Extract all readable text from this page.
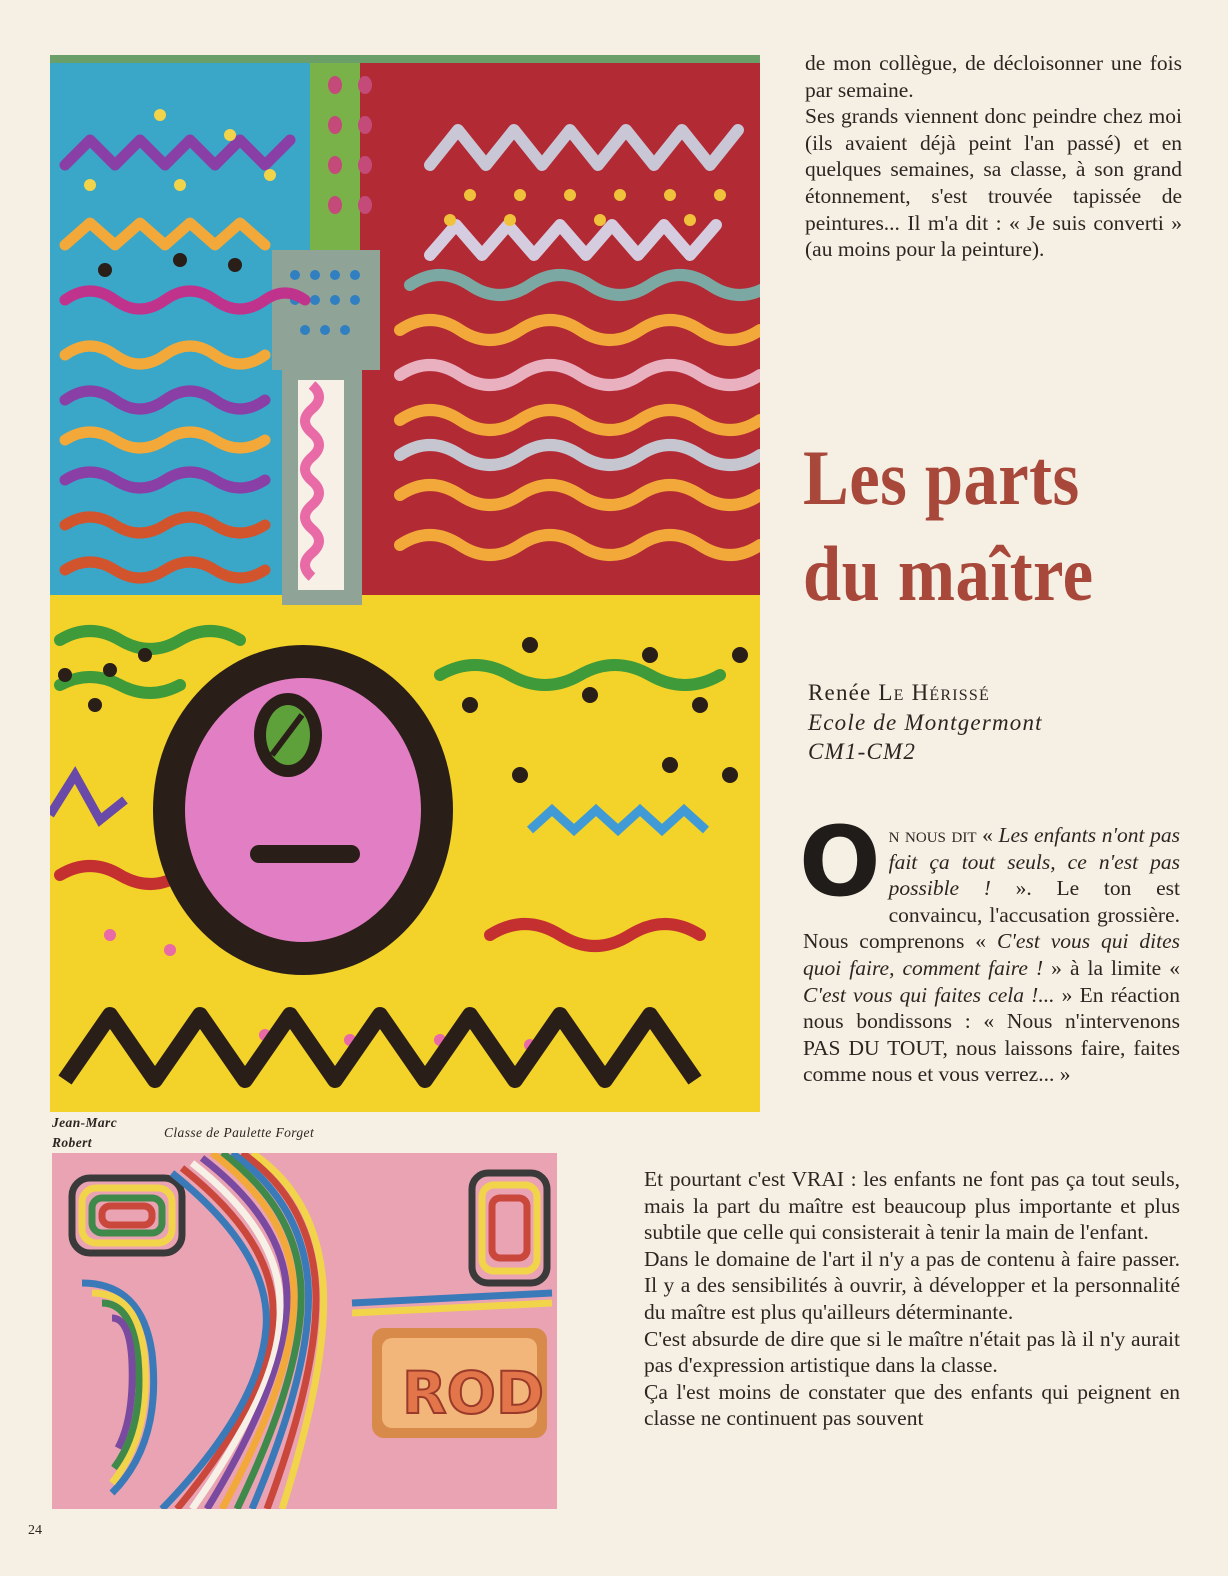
Jean-Marc Robert
Classe de Paulette Forget
ROD

de mon collègue, de décloisonner une fois par semaine.

Ses grands viennent donc peindre chez moi (ils avaient déjà peint l'an passé) et en quelques semaines, sa classe, à son grand étonnement, s'est trouvée tapissée de peintures... Il m'a dit : « Je suis converti » (au moins pour la peinture).

Les parts
du maître
Renée Le Hérissé
Ecole de Montgermont
CM1-CM2
On nous dit « Les enfants n'ont pas fait ça tout seuls, ce n'est pas possible ! ». Le ton est convaincu, l'accusation grossière. Nous comprenons « C'est vous qui dites quoi faire, comment faire ! » à la limite « C'est vous qui faites cela !... » En réaction nous bondissons : « Nous n'intervenons PAS DU TOUT, nous laissons faire, faites comme nous et vous verrez... »

Et pourtant c'est VRAI : les enfants ne font pas ça tout seuls, mais la part du maître est beaucoup plus importante et plus subtile que celle qui consisterait à tenir la main de l'enfant.

Dans le domaine de l'art il n'y a pas de contenu à faire passer. Il y a des sensibilités à ouvrir, à développer et la personnalité du maître est plus qu'ailleurs déterminante.

C'est absurde de dire que si le maître n'était pas là il n'y aurait pas d'expression artistique dans la classe.

Ça l'est moins de constater que des enfants qui peignent en classe ne continuent pas souvent

24
